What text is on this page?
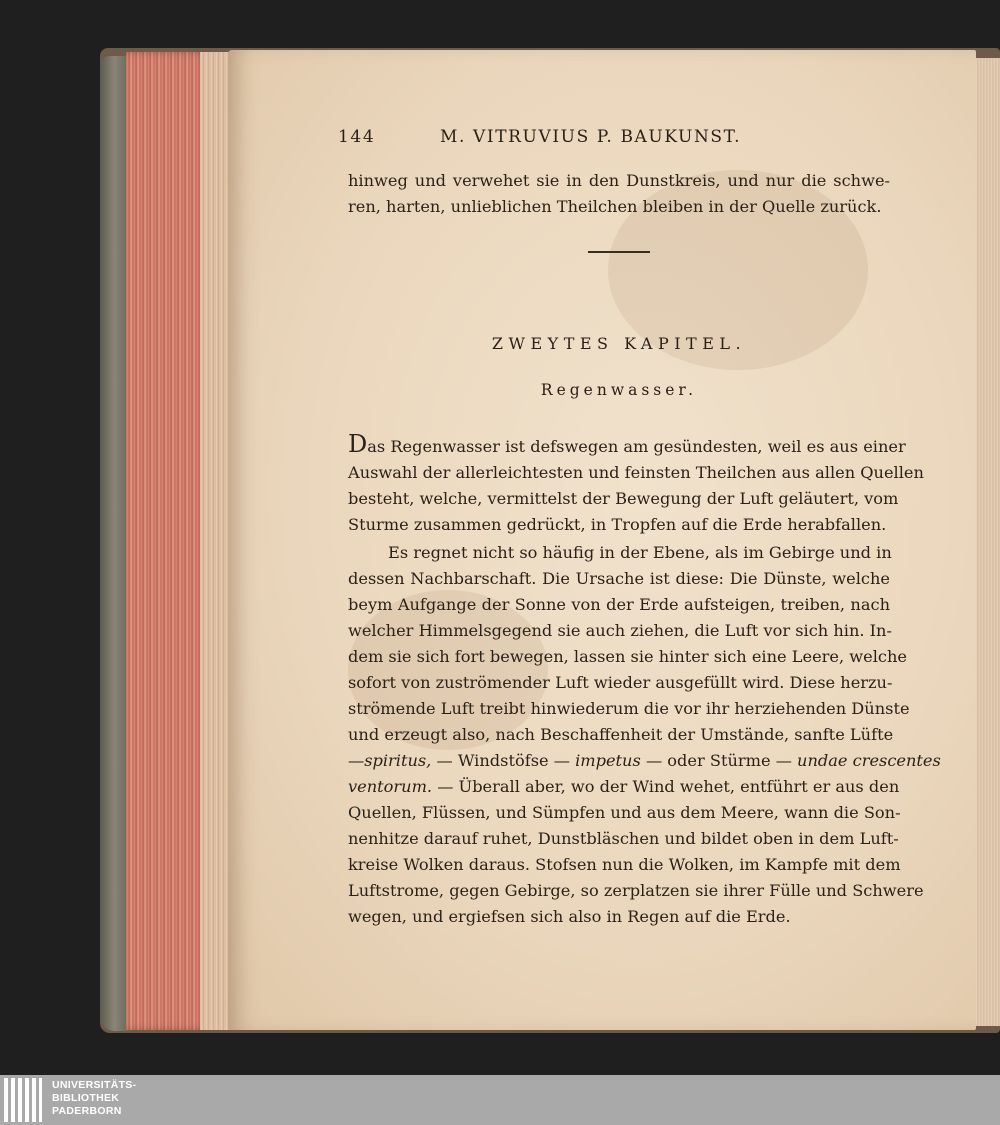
144	M. VITRUVIUS P. BAUKUNST.
hinweg und verwehet sie in den Dunstkreis, und nur die schwe-
ren, harten, unlieblichen Theilchen bleiben in der Quelle zurück.
ZWEYTES KAPITEL.
Regenwasser.
Das Regenwasser ist defswegen am gesündesten, weil es aus einer
Auswahl der allerleichtesten und feinsten Theilchen aus allen Quellen
besteht, welche, vermittelst der Bewegung der Luft geläutert, vom
Sturme zusammen gedrückt, in Tropfen auf die Erde herabfallen.
Es regnet nicht so häufig in der Ebene, als im Gebirge und in
dessen Nachbarschaft. Die Ursache ist diese: Die Dünste, welche
beym Aufgange der Sonne von der Erde aufsteigen, treiben, nach
welcher Himmelsgegend sie auch ziehen, die Luft vor sich hin. In-
dem sie sich fort bewegen, lassen sie hinter sich eine Leere, welche
sofort von zuströmender Luft wieder ausgefüllt wird. Diese herzu-
strömende Luft treibt hinwiederum die vor ihr herziehenden Dünste
und erzeugt also, nach Beschaffenheit der Umstände, sanfte Lüfte
—spiritus, — Windstöfse — impetus — oder Stürme — undae crescentes
ventorum. — Überall aber, wo der Wind wehet, entführt er aus den
Quellen, Flüssen, und Sümpfen und aus dem Meere, wann die Son-
nenhitze darauf ruhet, Dunstbläschen und bildet oben in dem Luft-
kreise Wolken daraus. Stofsen nun die Wolken, im Kampfe mit dem
Luftstrome, gegen Gebirge, so zerplatzen sie ihrer Fülle und Schwere
wegen, und ergiefsen sich also in Regen auf die Erde.
UNIVERSITÄTS-
BIBLIOTHEK
PADERBORN
